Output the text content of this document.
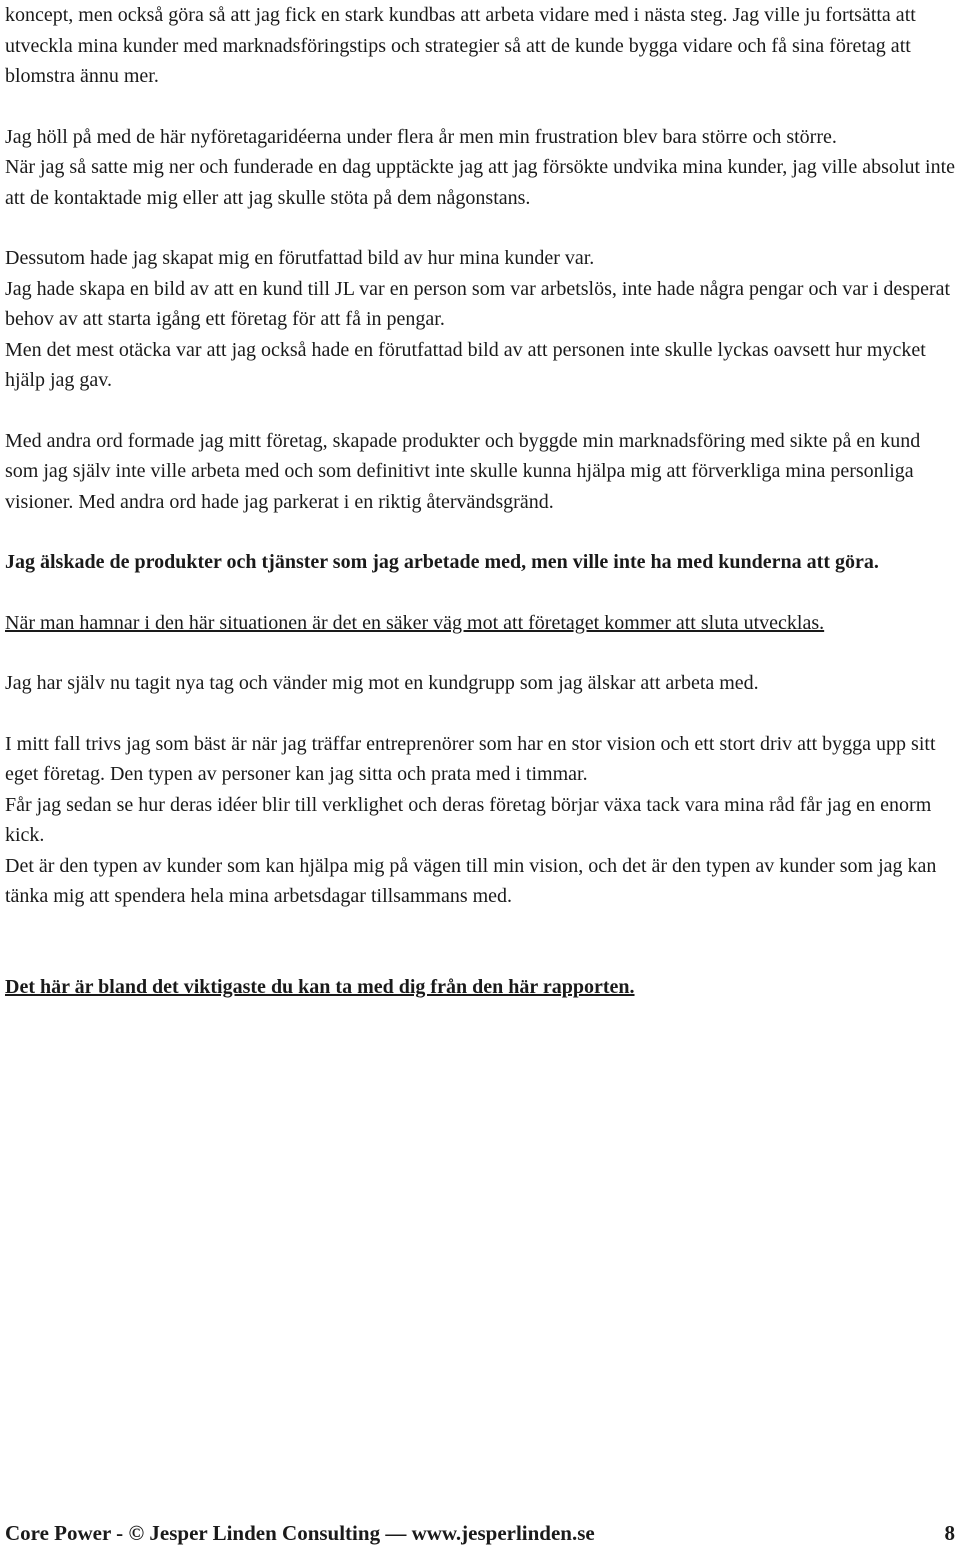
koncept, men också göra så att jag fick en stark kundbas att arbeta vidare med i nästa steg. Jag ville ju fortsätta att utveckla mina kunder med marknadsföringstips och strategier så att de kunde bygga vidare och få sina företag att blomstra ännu mer.

Jag höll på med de här nyföretagaridéerna under flera år men min frustration blev bara större och större.

När jag så satte mig ner och funderade en dag upptäckte jag att jag försökte undvika mina kunder, jag ville absolut inte att de kontaktade mig eller att jag skulle stöta på dem någonstans.

Dessutom hade jag skapat mig en förutfattad bild av hur mina kunder var.

Jag hade skapa en bild av att en kund till JL var en person som var arbetslös, inte hade några pengar och var i desperat behov av att starta igång ett företag för att få in pengar.

Men det mest otäcka var att jag också hade en förutfattad bild av att personen inte skulle lyckas oavsett hur mycket hjälp jag gav.

Med andra ord formade jag mitt företag, skapade produkter och byggde min marknadsföring med sikte på en kund som jag själv inte ville arbeta med och som definitivt inte skulle kunna hjälpa mig att förverkliga mina personliga visioner. Med andra ord hade jag parkerat i en riktig återvändsgränd.

Jag älskade de produkter och tjänster som jag arbetade med, men ville inte ha med kunderna att göra.

När man hamnar i den här situationen är det en säker väg mot att företaget kommer att sluta utvecklas.

Jag har själv nu tagit nya tag och vänder mig mot en kundgrupp som jag älskar att arbeta med.

I mitt fall trivs jag som bäst är när jag träffar entreprenörer som har en stor vision och ett stort driv att bygga upp sitt eget företag. Den typen av personer kan jag sitta och prata med i timmar.

Får jag sedan se hur deras idéer blir till verklighet och deras företag börjar växa tack vara mina råd får jag en enorm kick.

Det är den typen av kunder som kan hjälpa mig på vägen till min vision, och det är den typen av kunder som jag kan tänka mig att spendera hela mina arbetsdagar tillsammans med.

Det här är bland det viktigaste du kan ta med dig från den här rapporten.

Core Power - © Jesper Linden Consulting — www.jesperlinden.se	8
